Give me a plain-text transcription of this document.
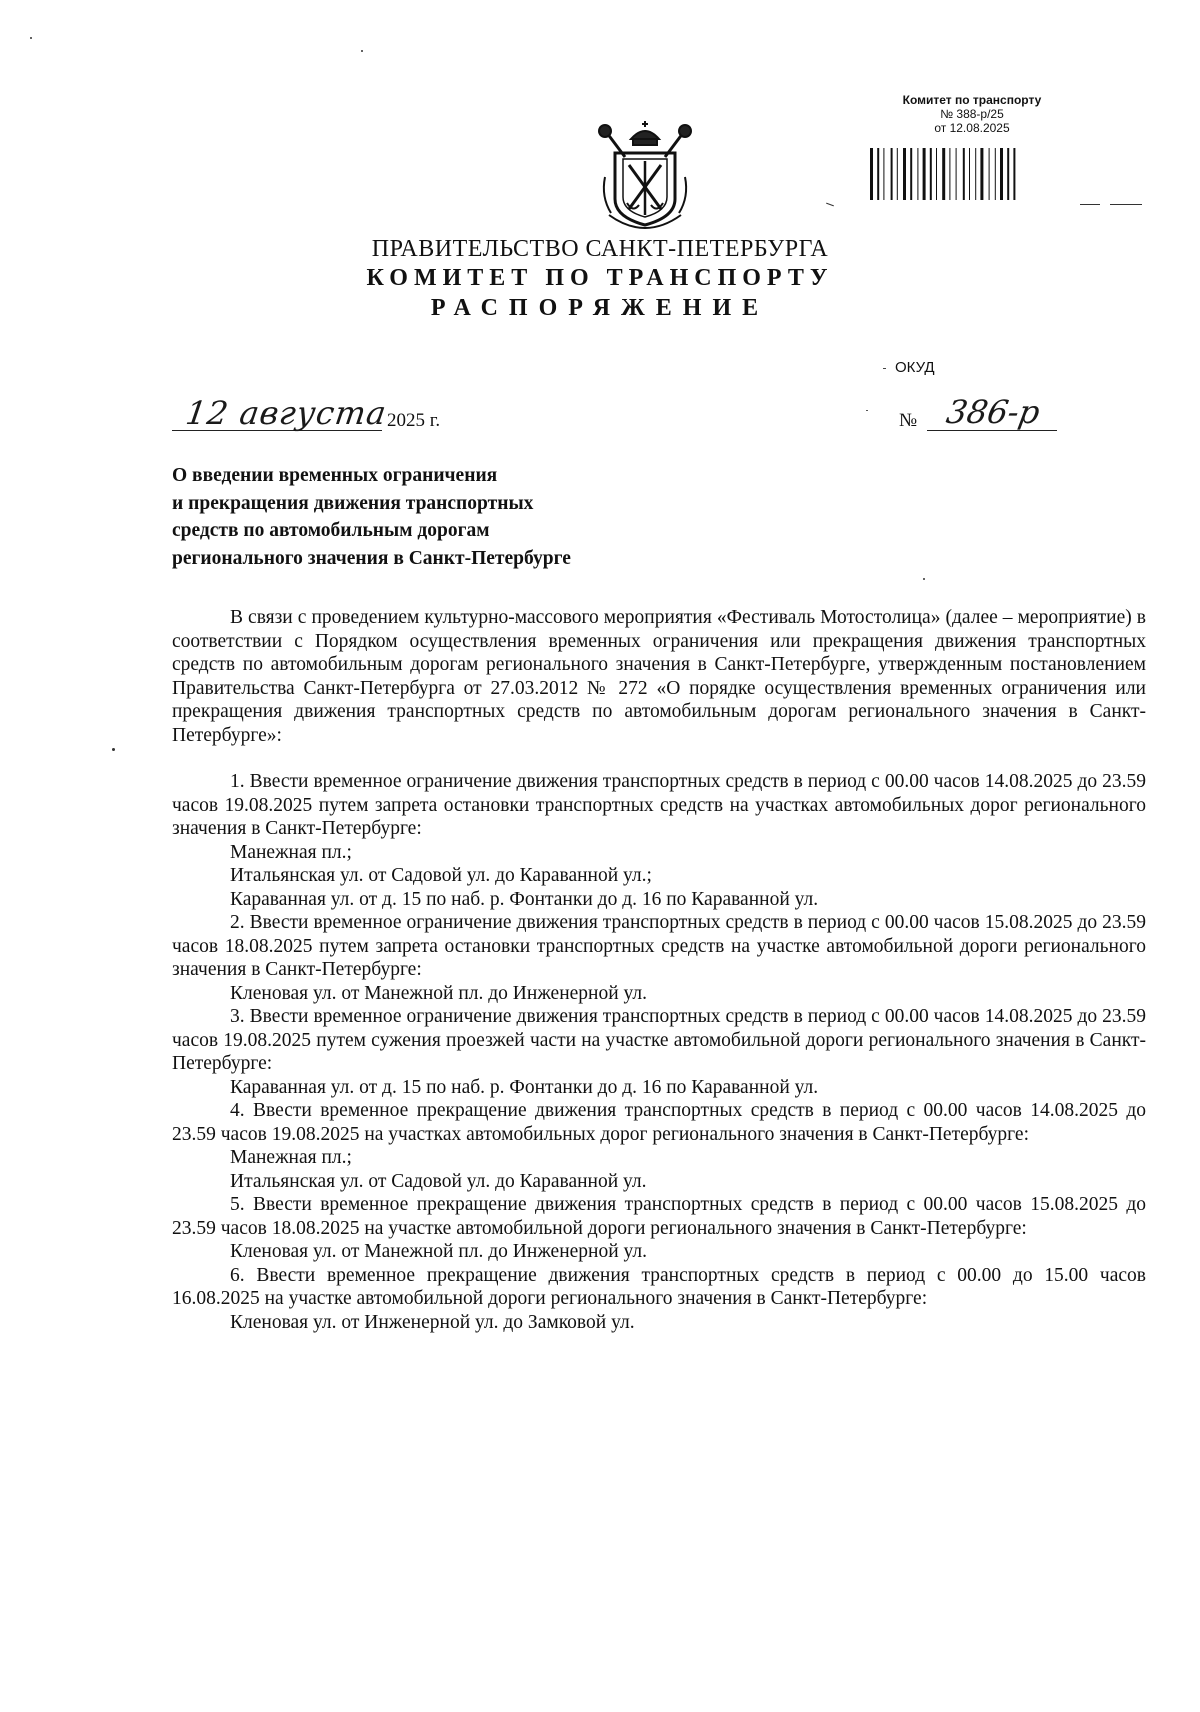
Комитет по транспорту
№ 388-р/25
от 12.08.2025
ПРАВИТЕЛЬСТВО САНКТ-ПЕТЕРБУРГА
КОМИТЕТ ПО ТРАНСПОРТУ
РАСПОРЯЖЕНИЕ
ОКУД
12 августа
2025 г.	№ 386-р
О введении временных ограничения
и прекращения движения транспортных
средств по автомобильным дорогам
регионального значения в Санкт-Петербурге
В связи с проведением культурно-массового мероприятия «Фестиваль Мотостолица» (далее – мероприятие) в соответствии с Порядком осуществления временных ограничения или прекращения движения транспортных средств по автомобильным дорогам регионального значения в Санкт-Петербурге, утвержденным постановлением Правительства Санкт-Петербурга от 27.03.2012 № 272 «О порядке осуществления временных ограничения или прекращения движения транспортных средств по автомобильным дорогам регионального значения в Санкт-Петербурге»:
1. Ввести временное ограничение движения транспортных средств в период с 00.00 часов 14.08.2025 до 23.59 часов 19.08.2025 путем запрета остановки транспортных средств на участках автомобильных дорог регионального значения в Санкт-Петербурге:
Манежная пл.;
Итальянская ул. от Садовой ул. до Караванной ул.;
Караванная ул. от д. 15 по наб. р. Фонтанки до д. 16 по Караванной ул.
2. Ввести временное ограничение движения транспортных средств в период с 00.00 часов 15.08.2025 до 23.59 часов 18.08.2025 путем запрета остановки транспортных средств на участке автомобильной дороги регионального значения в Санкт-Петербурге:
Кленовая ул. от Манежной пл. до Инженерной ул.
3. Ввести временное ограничение движения транспортных средств в период с 00.00 часов 14.08.2025 до 23.59 часов 19.08.2025 путем сужения проезжей части на участке автомобильной дороги регионального значения в Санкт-Петербурге:
Караванная ул. от д. 15 по наб. р. Фонтанки до д. 16 по Караванной ул.
4. Ввести временное прекращение движения транспортных средств в период с 00.00 часов 14.08.2025 до 23.59 часов 19.08.2025 на участках автомобильных дорог регионального значения в Санкт-Петербурге:
Манежная пл.;
Итальянская ул. от Садовой ул. до Караванной ул.
5. Ввести временное прекращение движения транспортных средств в период с 00.00 часов 15.08.2025 до 23.59 часов 18.08.2025 на участке автомобильной дороги регионального значения в Санкт-Петербурге:
Кленовая ул. от Манежной пл. до Инженерной ул.
6. Ввести временное прекращение движения транспортных средств в период с 00.00 до 15.00 часов 16.08.2025 на участке автомобильной дороги регионального значения в Санкт-Петербурге:
Кленовая ул. от Инженерной ул. до Замковой ул.
